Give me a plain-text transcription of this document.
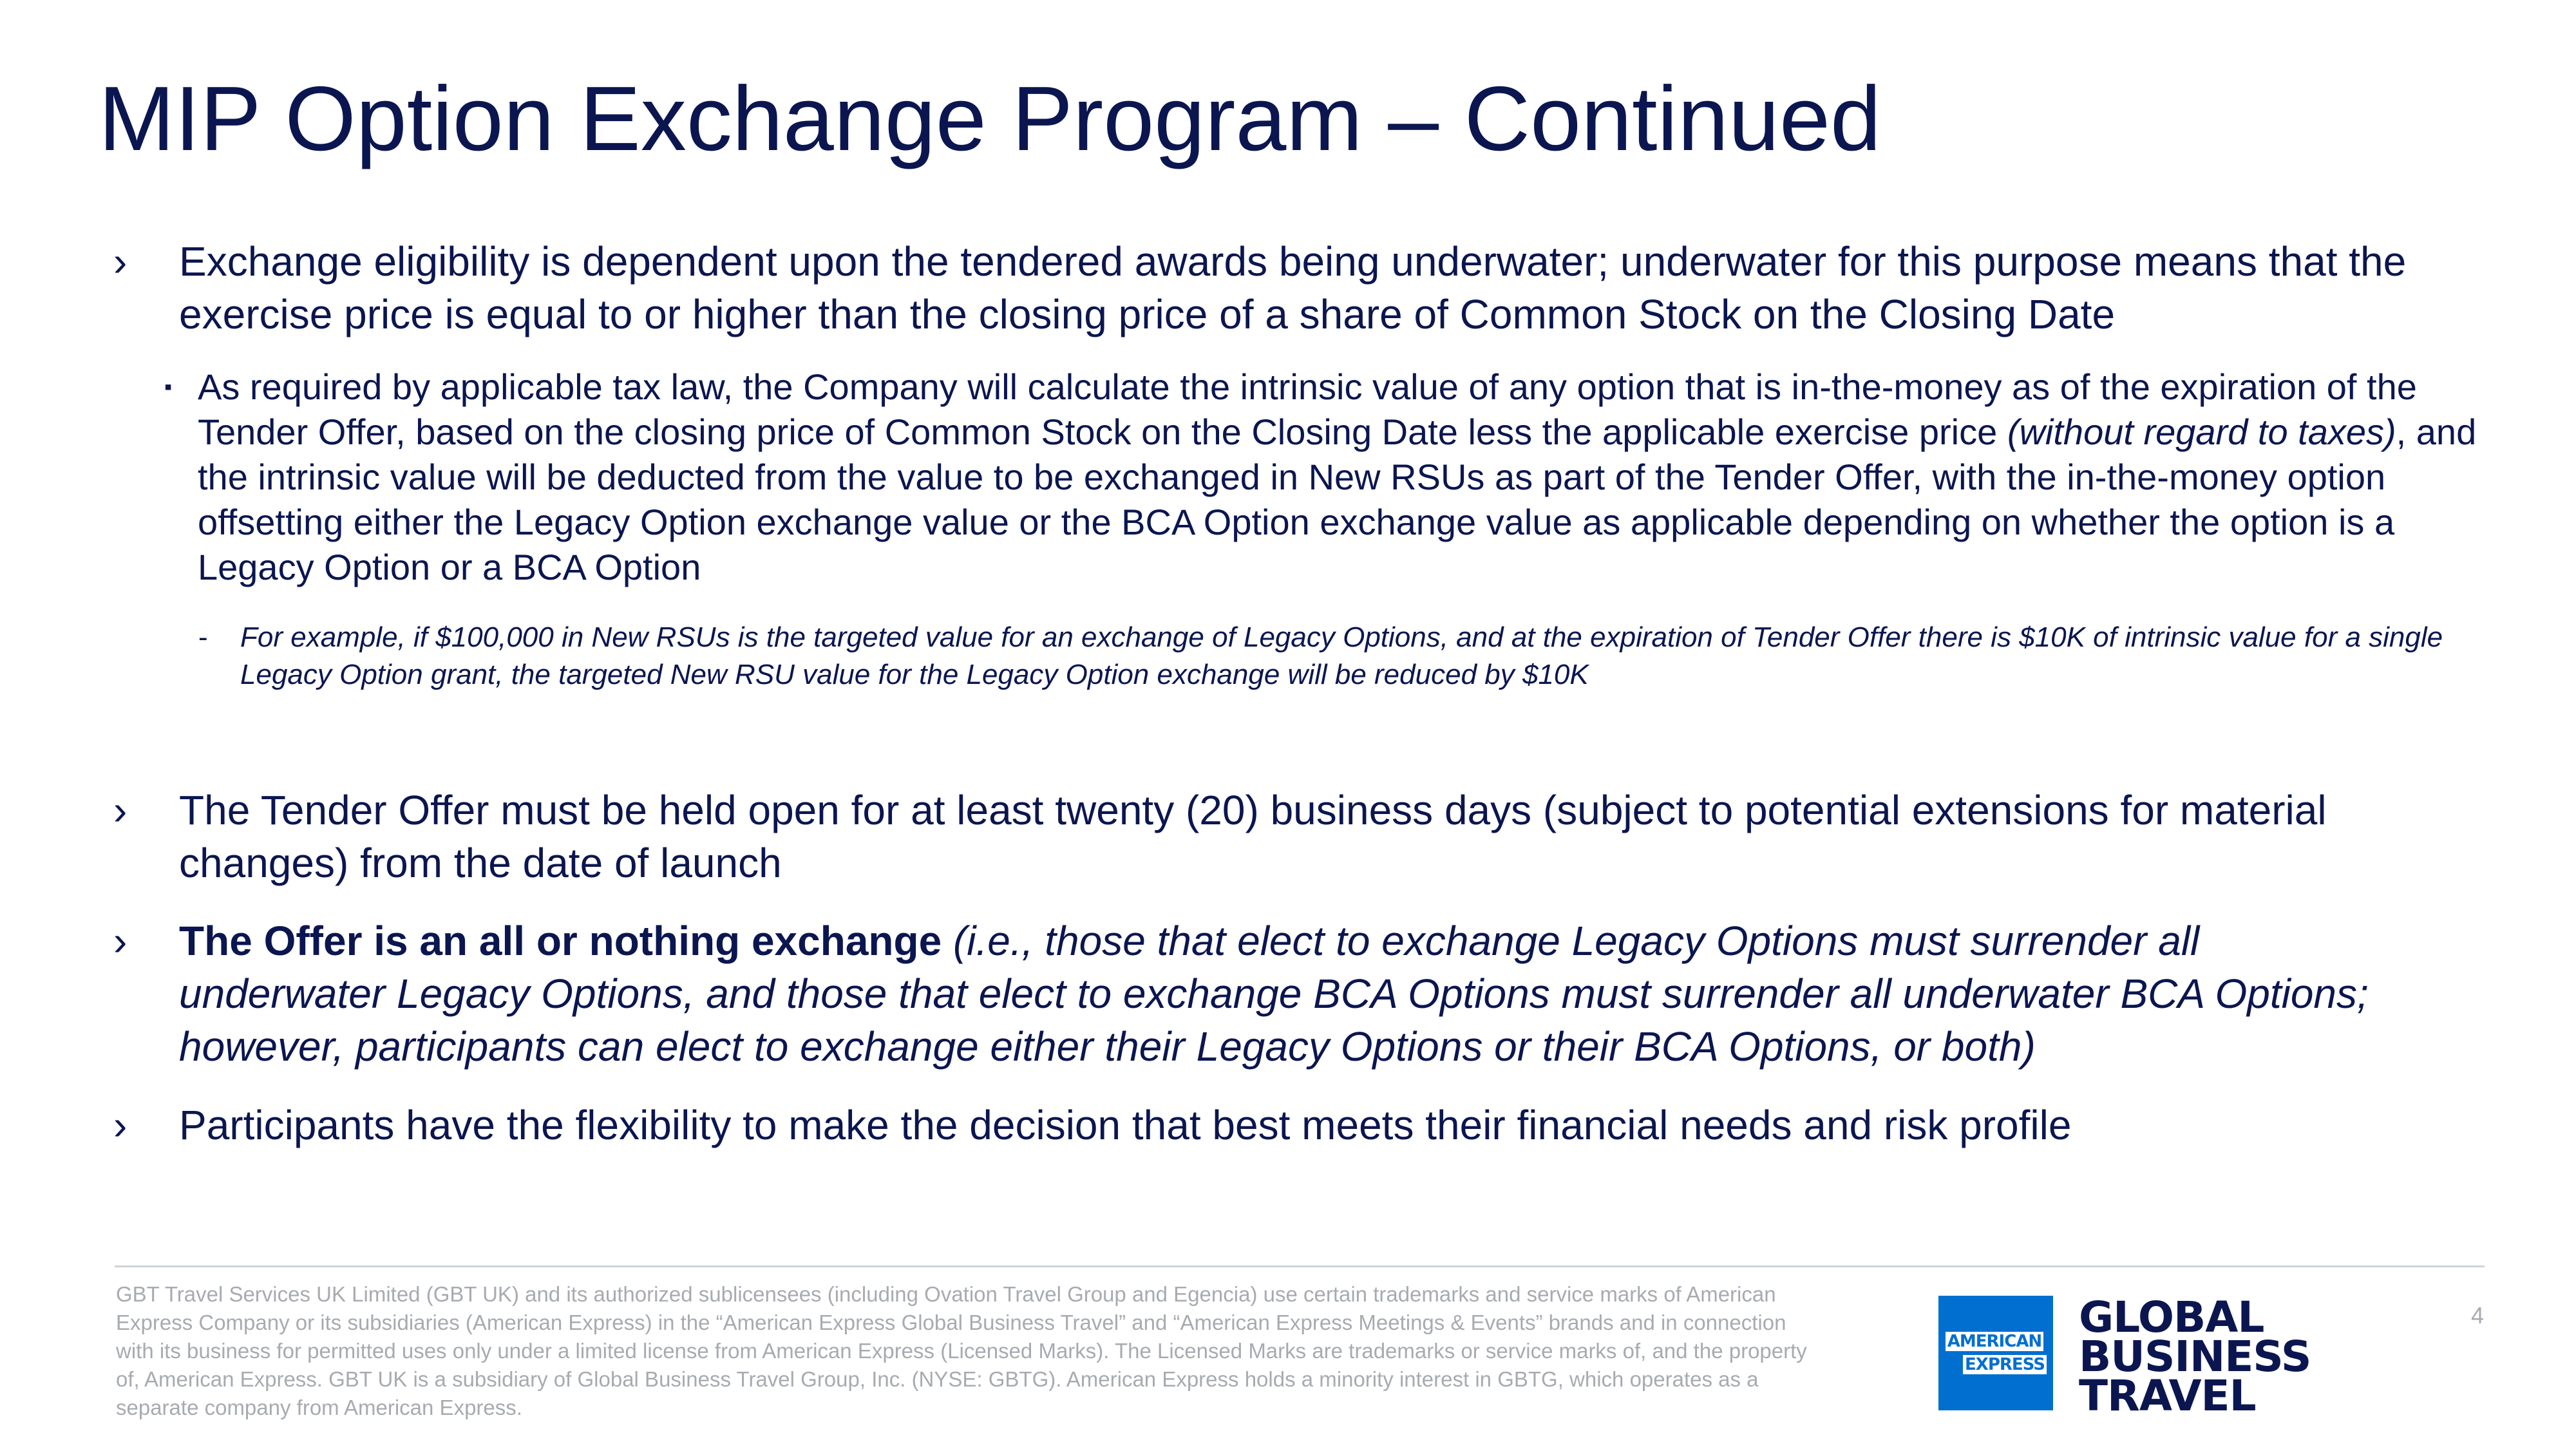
MIP Option Exchange Program – Continued
› Exchange eligibility is dependent upon the tendered awards being underwater; underwater for this purpose means that the exercise price is equal to or higher than the closing price of a share of Common Stock on the Closing Date
▪ As required by applicable tax law, the Company will calculate the intrinsic value of any option that is in-the-money as of the expiration of the Tender Offer, based on the closing price of Common Stock on the Closing Date less the applicable exercise price (without regard to taxes), and the intrinsic value will be deducted from the value to be exchanged in New RSUs as part of the Tender Offer, with the in-the-money option offsetting either the Legacy Option exchange value or the BCA Option exchange value as applicable depending on whether the option is a Legacy Option or a BCA Option
- For example, if $100,000 in New RSUs is the targeted value for an exchange of Legacy Options, and at the expiration of Tender Offer there is $10K of intrinsic value for a single Legacy Option grant, the targeted New RSU value for the Legacy Option exchange will be reduced by $10K
› The Tender Offer must be held open for at least twenty (20) business days (subject to potential extensions for material changes) from the date of launch
› The Offer is an all or nothing exchange (i.e., those that elect to exchange Legacy Options must surrender all underwater Legacy Options, and those that elect to exchange BCA Options must surrender all underwater BCA Options; however, participants can elect to exchange either their Legacy Options or their BCA Options, or both)
› Participants have the flexibility to make the decision that best meets their financial needs and risk profile
GBT Travel Services UK Limited (GBT UK) and its authorized sublicensees (including Ovation Travel Group and Egencia) use certain trademarks and service marks of American Express Company or its subsidiaries (American Express) in the “American Express Global Business Travel” and “American Express Meetings & Events” brands and in connection with its business for permitted uses only under a limited license from American Express (Licensed Marks). The Licensed Marks are trademarks or service marks of, and the property of, American Express. GBT UK is a subsidiary of Global Business Travel Group, Inc. (NYSE: GBTG). American Express holds a minority interest in GBTG, which operates as a separate company from American Express.
4
AMERICAN
EXPRESS
GLOBAL
BUSINESS
TRAVEL
